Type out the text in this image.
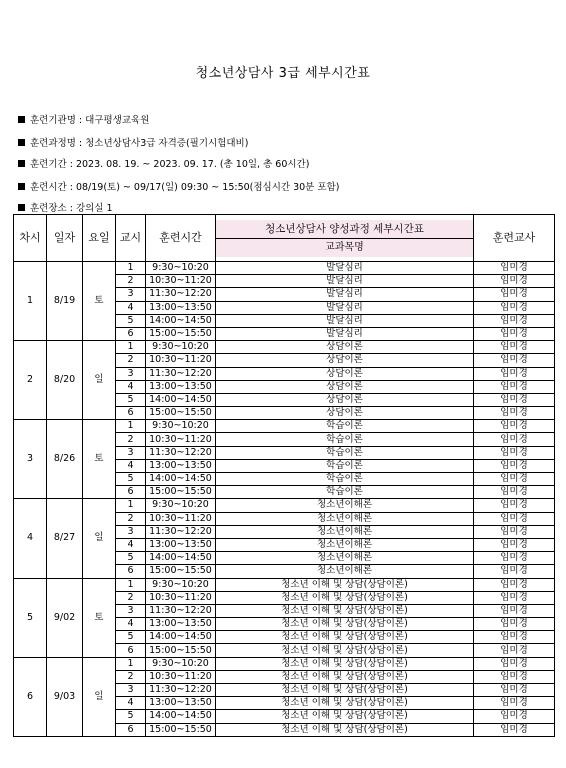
청소년상담사 3급 세부시간표
훈련기관명 : 대구평생교육원
훈련과정명 : 청소년상담사3급 자격증(필기시험대비)
훈련기간 : 2023. 08. 19. ~ 2023. 09. 17. (총 10일, 총 60시간)
훈련시간 : 08/19(토) ~ 09/17(일) 09:30 ~ 15:50(점심시간 30분 포함)
훈련장소 : 강의실 1
차시	일자	요일	교시	훈련시간	청소년상담사 양성과정 세부시간표
교과목명	훈련교사
1	8/19	토	1	9:30~10:20	발달심리	임미경
			2	10:30~11:20	발달심리	임미경
			3	11:30~12:20	발달심리	임미경
			4	13:00~13:50	발달심리	임미경
			5	14:00~14:50	발달심리	임미경
			6	15:00~15:50	발달심리	임미경
2	8/20	일	1	9:30~10:20	상담이론	임미경
			2	10:30~11:20	상담이론	임미경
			3	11:30~12:20	상담이론	임미경
			4	13:00~13:50	상담이론	임미경
			5	14:00~14:50	상담이론	임미경
			6	15:00~15:50	상담이론	임미경
3	8/26	토	1	9:30~10:20	학습이론	임미경
			2	10:30~11:20	학습이론	임미경
			3	11:30~12:20	학습이론	임미경
			4	13:00~13:50	학습이론	임미경
			5	14:00~14:50	학습이론	임미경
			6	15:00~15:50	학습이론	임미경
4	8/27	일	1	9:30~10:20	청소년이해론	임미경
			2	10:30~11:20	청소년이해론	임미경
			3	11:30~12:20	청소년이해론	임미경
			4	13:00~13:50	청소년이해론	임미경
			5	14:00~14:50	청소년이해론	임미경
			6	15:00~15:50	청소년이해론	임미경
5	9/02	토	1	9:30~10:20	청소년 이해 및 상담(상담이론)	임미경
			2	10:30~11:20	청소년 이해 및 상담(상담이론)	임미경
			3	11:30~12:20	청소년 이해 및 상담(상담이론)	임미경
			4	13:00~13:50	청소년 이해 및 상담(상담이론)	임미경
			5	14:00~14:50	청소년 이해 및 상담(상담이론)	임미경
			6	15:00~15:50	청소년 이해 및 상담(상담이론)	임미경
6	9/03	일	1	9:30~10:20	청소년 이해 및 상담(상담이론)	임미경
			2	10:30~11:20	청소년 이해 및 상담(상담이론)	임미경
			3	11:30~12:20	청소년 이해 및 상담(상담이론)	임미경
			4	13:00~13:50	청소년 이해 및 상담(상담이론)	임미경
			5	14:00~14:50	청소년 이해 및 상담(상담이론)	임미경
			6	15:00~15:50	청소년 이해 및 상담(상담이론)	임미경
